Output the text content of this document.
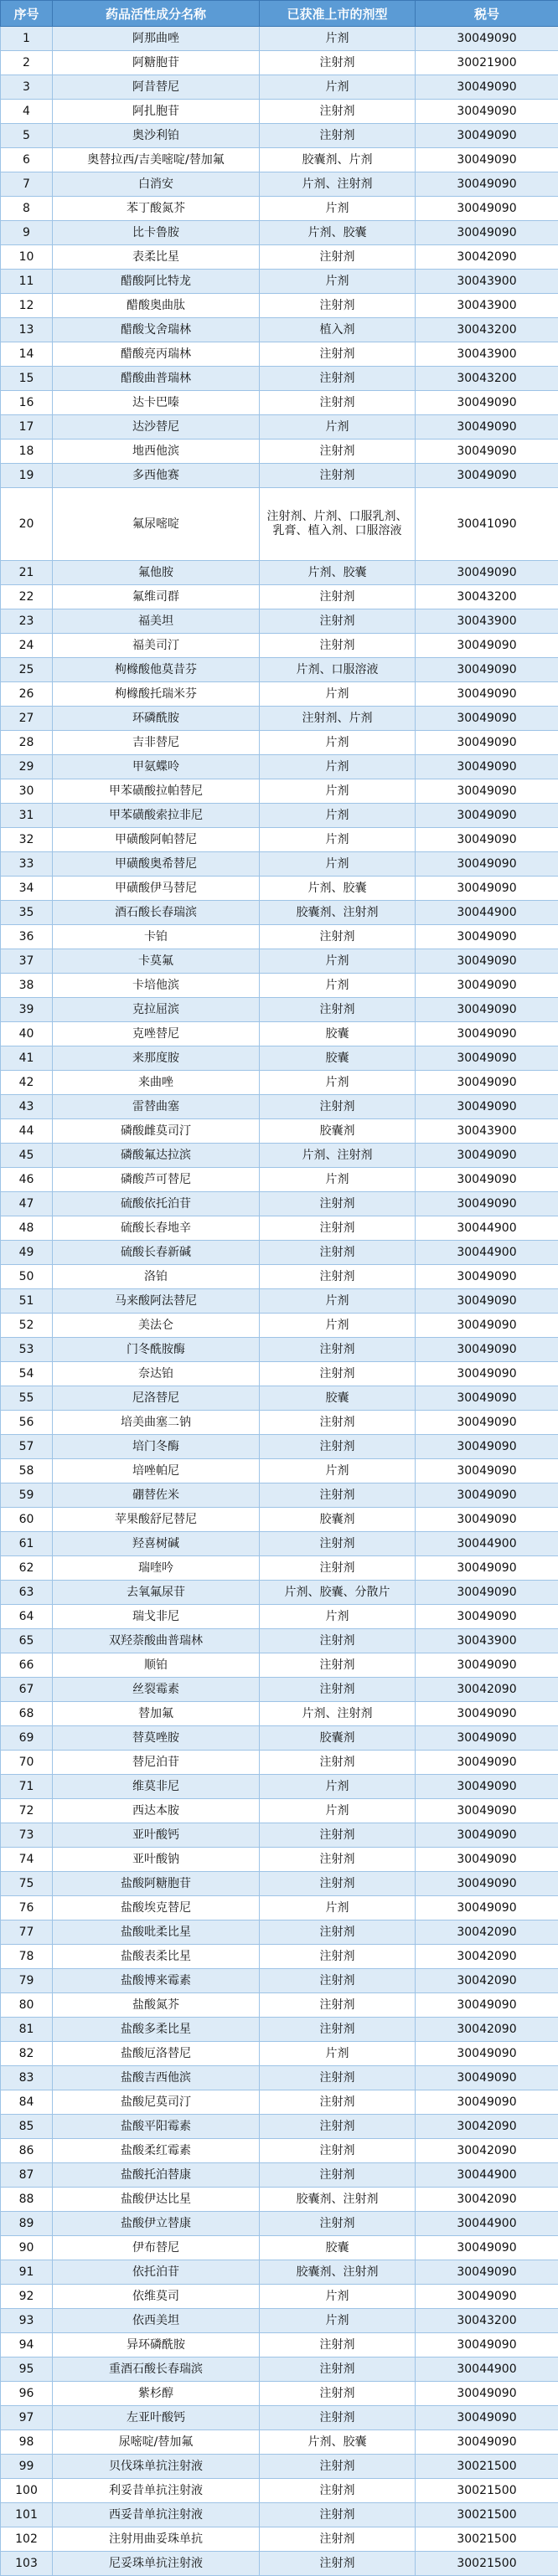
序号	药品活性成分名称	已获准上市的剂型	税号
1	阿那曲唑	片剂	30049090
2	阿糖胞苷	注射剂	30021900
3	阿昔替尼	片剂	30049090
4	阿扎胞苷	注射剂	30049090
5	奥沙利铂	注射剂	30049090
6	奥替拉西/吉美嘧啶/替加氟	胶囊剂、片剂	30049090
7	白消安	片剂、注射剂	30049090
8	苯丁酸氮芥	片剂	30049090
9	比卡鲁胺	片剂、胶囊	30049090
10	表柔比星	注射剂	30042090
11	醋酸阿比特龙	片剂	30043900
12	醋酸奥曲肽	注射剂	30043900
13	醋酸戈舍瑞林	植入剂	30043200
14	醋酸亮丙瑞林	注射剂	30043900
15	醋酸曲普瑞林	注射剂	30043200
16	达卡巴嗪	注射剂	30049090
17	达沙替尼	片剂	30049090
18	地西他滨	注射剂	30049090
19	多西他赛	注射剂	30049090
20	氟尿嘧啶	注射剂、片剂、口服乳剂、乳膏、植入剂、口服溶液	30041090
21	氟他胺	片剂、胶囊	30049090
22	氟维司群	注射剂	30043200
23	福美坦	注射剂	30043900
24	福美司汀	注射剂	30049090
25	枸橼酸他莫昔芬	片剂、口服溶液	30049090
26	枸橼酸托瑞米芬	片剂	30049090
27	环磷酰胺	注射剂、片剂	30049090
28	吉非替尼	片剂	30049090
29	甲氨蝶呤	片剂	30049090
30	甲苯磺酸拉帕替尼	片剂	30049090
31	甲苯磺酸索拉非尼	片剂	30049090
32	甲磺酸阿帕替尼	片剂	30049090
33	甲磺酸奥希替尼	片剂	30049090
34	甲磺酸伊马替尼	片剂、胶囊	30049090
35	酒石酸长春瑞滨	胶囊剂、注射剂	30044900
36	卡铂	注射剂	30049090
37	卡莫氟	片剂	30049090
38	卡培他滨	片剂	30049090
39	克拉屈滨	注射剂	30049090
40	克唑替尼	胶囊	30049090
41	来那度胺	胶囊	30049090
42	来曲唑	片剂	30049090
43	雷替曲塞	注射剂	30049090
44	磷酸雌莫司汀	胶囊剂	30043900
45	磷酸氟达拉滨	片剂、注射剂	30049090
46	磷酸芦可替尼	片剂	30049090
47	硫酸依托泊苷	注射剂	30049090
48	硫酸长春地辛	注射剂	30044900
49	硫酸长春新碱	注射剂	30044900
50	洛铂	注射剂	30049090
51	马来酸阿法替尼	片剂	30049090
52	美法仑	片剂	30049090
53	门冬酰胺酶	注射剂	30049090
54	奈达铂	注射剂	30049090
55	尼洛替尼	胶囊	30049090
56	培美曲塞二钠	注射剂	30049090
57	培门冬酶	注射剂	30049090
58	培唑帕尼	片剂	30049090
59	硼替佐米	注射剂	30049090
60	苹果酸舒尼替尼	胶囊剂	30049090
61	羟喜树碱	注射剂	30044900
62	瑞喹吟	注射剂	30049090
63	去氧氟尿苷	片剂、胶囊、分散片	30049090
64	瑞戈非尼	片剂	30049090
65	双羟萘酸曲普瑞林	注射剂	30043900
66	顺铂	注射剂	30049090
67	丝裂霉素	注射剂	30042090
68	替加氟	片剂、注射剂	30049090
69	替莫唑胺	胶囊剂	30049090
70	替尼泊苷	注射剂	30049090
71	维莫非尼	片剂	30049090
72	西达本胺	片剂	30049090
73	亚叶酸钙	注射剂	30049090
74	亚叶酸钠	注射剂	30049090
75	盐酸阿糖胞苷	注射剂	30049090
76	盐酸埃克替尼	片剂	30049090
77	盐酸吡柔比星	注射剂	30042090
78	盐酸表柔比星	注射剂	30042090
79	盐酸博来霉素	注射剂	30042090
80	盐酸氮芥	注射剂	30049090
81	盐酸多柔比星	注射剂	30042090
82	盐酸厄洛替尼	片剂	30049090
83	盐酸吉西他滨	注射剂	30049090
84	盐酸尼莫司汀	注射剂	30049090
85	盐酸平阳霉素	注射剂	30042090
86	盐酸柔红霉素	注射剂	30042090
87	盐酸托泊替康	注射剂	30044900
88	盐酸伊达比星	胶囊剂、注射剂	30042090
89	盐酸伊立替康	注射剂	30044900
90	伊布替尼	胶囊	30049090
91	依托泊苷	胶囊剂、注射剂	30049090
92	依维莫司	片剂	30049090
93	依西美坦	片剂	30043200
94	异环磷酰胺	注射剂	30049090
95	重酒石酸长春瑞滨	注射剂	30044900
96	紫杉醇	注射剂	30049090
97	左亚叶酸钙	注射剂	30049090
98	尿嘧啶/替加氟	片剂、胶囊	30049090
99	贝伐珠单抗注射液	注射剂	30021500
100	利妥昔单抗注射液	注射剂	30021500
101	西妥昔单抗注射液	注射剂	30021500
102	注射用曲妥珠单抗	注射剂	30021500
103	尼妥珠单抗注射液	注射剂	30021500
